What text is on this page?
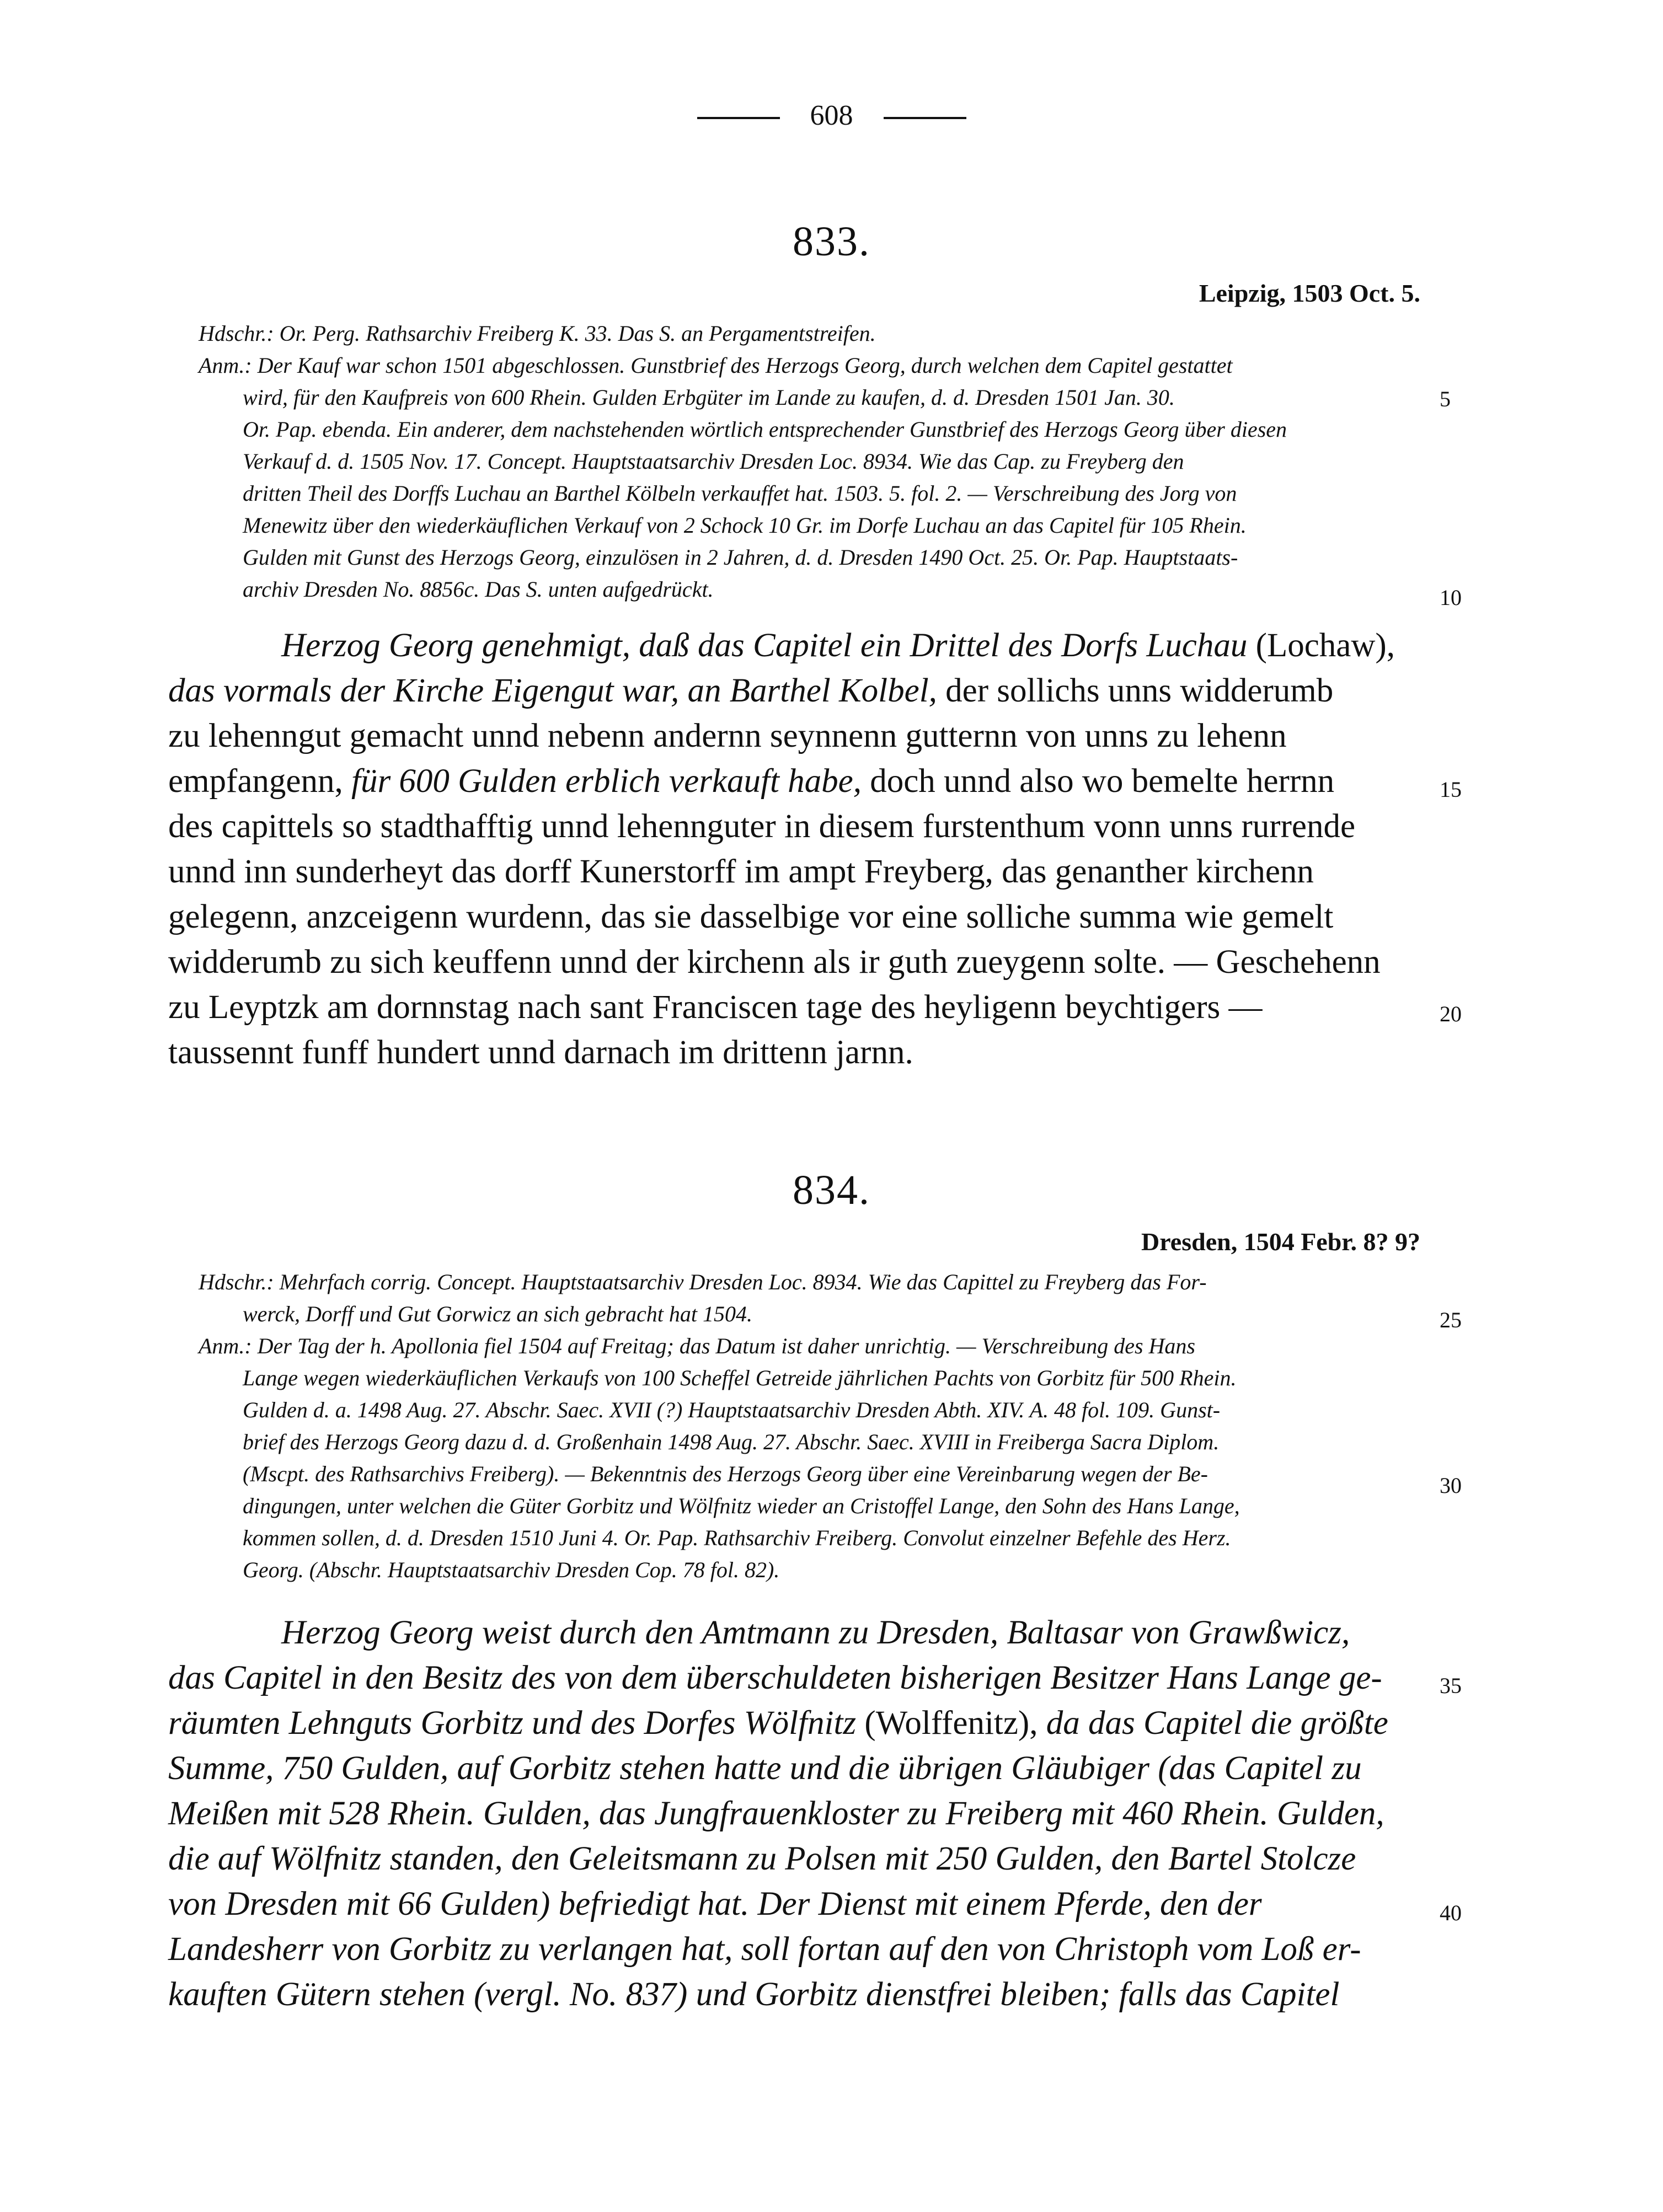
608
833.
Leipzig, 1503 Oct. 5.
Hdschr.: Or. Perg. Rathsarchiv Freiberg K. 33. Das S. an Pergamentstreifen.
Anm.: Der Kauf war schon 1501 abgeschlossen. Gunstbrief des Herzogs Georg, durch welchen dem Capitel gestattet
wird, für den Kaufpreis von 600 Rhein. Gulden Erbgüter im Lande zu kaufen, d. d. Dresden 1501 Jan. 30.
Or. Pap. ebenda. Ein anderer, dem nachstehenden wörtlich entsprechender Gunstbrief des Herzogs Georg über diesen
Verkauf d. d. 1505 Nov. 17. Concept. Hauptstaatsarchiv Dresden Loc. 8934. Wie das Cap. zu Freyberg den
dritten Theil des Dorffs Luchau an Barthel Kölbeln verkauffet hat. 1503. 5. fol. 2. — Verschreibung des Jorg von
Menewitz über den wiederkäuflichen Verkauf von 2 Schock 10 Gr. im Dorfe Luchau an das Capitel für 105 Rhein.
Gulden mit Gunst des Herzogs Georg, einzulösen in 2 Jahren, d. d. Dresden 1490 Oct. 25. Or. Pap. Hauptstaats-
archiv Dresden No. 8856c. Das S. unten aufgedrückt.
Herzog Georg genehmigt, daß das Capitel ein Drittel des Dorfs Luchau (Lochaw),
das vormals der Kirche Eigengut war, an Barthel Kolbel, der sollichs unns widderumb
zu lehenngut gemacht unnd nebenn andernn seynnenn gutternn von unns zu lehenn
empfangenn, für 600 Gulden erblich verkauft habe, doch unnd also wo bemelte herrnn
des capittels so stadthafftig unnd lehennguter in diesem furstenthum vonn unns rurrende
unnd inn sunderheyt das dorff Kunerstorff im ampt Freyberg, das genanther kirchenn
gelegenn, anzceigenn wurdenn, das sie dasselbige vor eine solliche summa wie gemelt
widderumb zu sich keuffenn unnd der kirchenn als ir guth zueygenn solte. — Geschehenn
zu Leyptzk am dornnstag nach sant Franciscen tage des heyligenn beychtigers —
taussennt funff hundert unnd darnach im drittenn jarnn.
834.
Dresden, 1504 Febr. 8? 9?
Hdschr.: Mehrfach corrig. Concept. Hauptstaatsarchiv Dresden Loc. 8934. Wie das Capittel zu Freyberg das For-
werck, Dorff und Gut Gorwicz an sich gebracht hat 1504.
Anm.: Der Tag der h. Apollonia fiel 1504 auf Freitag; das Datum ist daher unrichtig. — Verschreibung des Hans
Lange wegen wiederkäuflichen Verkaufs von 100 Scheffel Getreide jährlichen Pachts von Gorbitz für 500 Rhein.
Gulden d. a. 1498 Aug. 27. Abschr. Saec. XVII (?) Hauptstaatsarchiv Dresden Abth. XIV. A. 48 fol. 109. Gunst-
brief des Herzogs Georg dazu d. d. Großenhain 1498 Aug. 27. Abschr. Saec. XVIII in Freiberga Sacra Diplom.
(Mscpt. des Rathsarchivs Freiberg). — Bekenntnis des Herzogs Georg über eine Vereinbarung wegen der Be-
dingungen, unter welchen die Güter Gorbitz und Wölfnitz wieder an Cristoffel Lange, den Sohn des Hans Lange,
kommen sollen, d. d. Dresden 1510 Juni 4. Or. Pap. Rathsarchiv Freiberg. Convolut einzelner Befehle des Herz.
Georg. (Abschr. Hauptstaatsarchiv Dresden Cop. 78 fol. 82).
Herzog Georg weist durch den Amtmann zu Dresden, Baltasar von Grawßwicz,
das Capitel in den Besitz des von dem überschuldeten bisherigen Besitzer Hans Lange ge-
räumten Lehnguts Gorbitz und des Dorfes Wölfnitz (Wolffenitz), da das Capitel die größte
Summe, 750 Gulden, auf Gorbitz stehen hatte und die übrigen Gläubiger (das Capitel zu
Meißen mit 528 Rhein. Gulden, das Jungfrauenkloster zu Freiberg mit 460 Rhein. Gulden,
die auf Wölfnitz standen, den Geleitsmann zu Polsen mit 250 Gulden, den Bartel Stolcze
von Dresden mit 66 Gulden) befriedigt hat. Der Dienst mit einem Pferde, den der
Landesherr von Gorbitz zu verlangen hat, soll fortan auf den von Christoph vom Loß er-
kauften Gütern stehen (vergl. No. 837) und Gorbitz dienstfrei bleiben; falls das Capitel
5
10
15
20
25
30
35
40
